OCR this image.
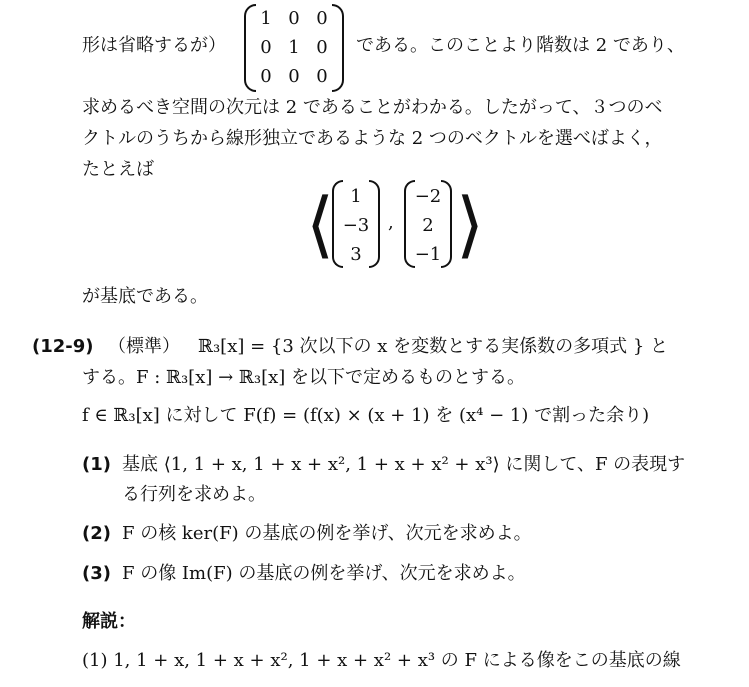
形は省略するが）
1 0 0
0 1 0
0 0 0
である。このことより階数は 2 であり、
求めるべき空間の次元は 2 であることがわかる。したがって、３つのベ
クトルのうちから線形独立であるような 2 つのベクトルを選べばよく，
たとえば
⟨ 1
−3
3
,
−2
2
−1 ⟩
が基底である。
(12-9) （標準） ℝ₃[x] = {3 次以下の x を変数とする実係数の多項式 } と
する。F : ℝ₃[x] → ℝ₃[x] を以下で定めるものとする。
f ∈ ℝ₃[x] に対して F(f) = (f(x) × (x + 1) を (x⁴ − 1) で割った余り)
(1) 基底 ⟨1, 1 + x, 1 + x + x², 1 + x + x² + x³⟩ に関して、F の表現す
る行列を求めよ。
(2) F の核 ker(F) の基底の例を挙げ、次元を求めよ。
(3) F の像 Im(F) の基底の例を挙げ、次元を求めよ。
解説：
(1) 1, 1 + x, 1 + x + x², 1 + x + x² + x³ の F による像をこの基底の線
